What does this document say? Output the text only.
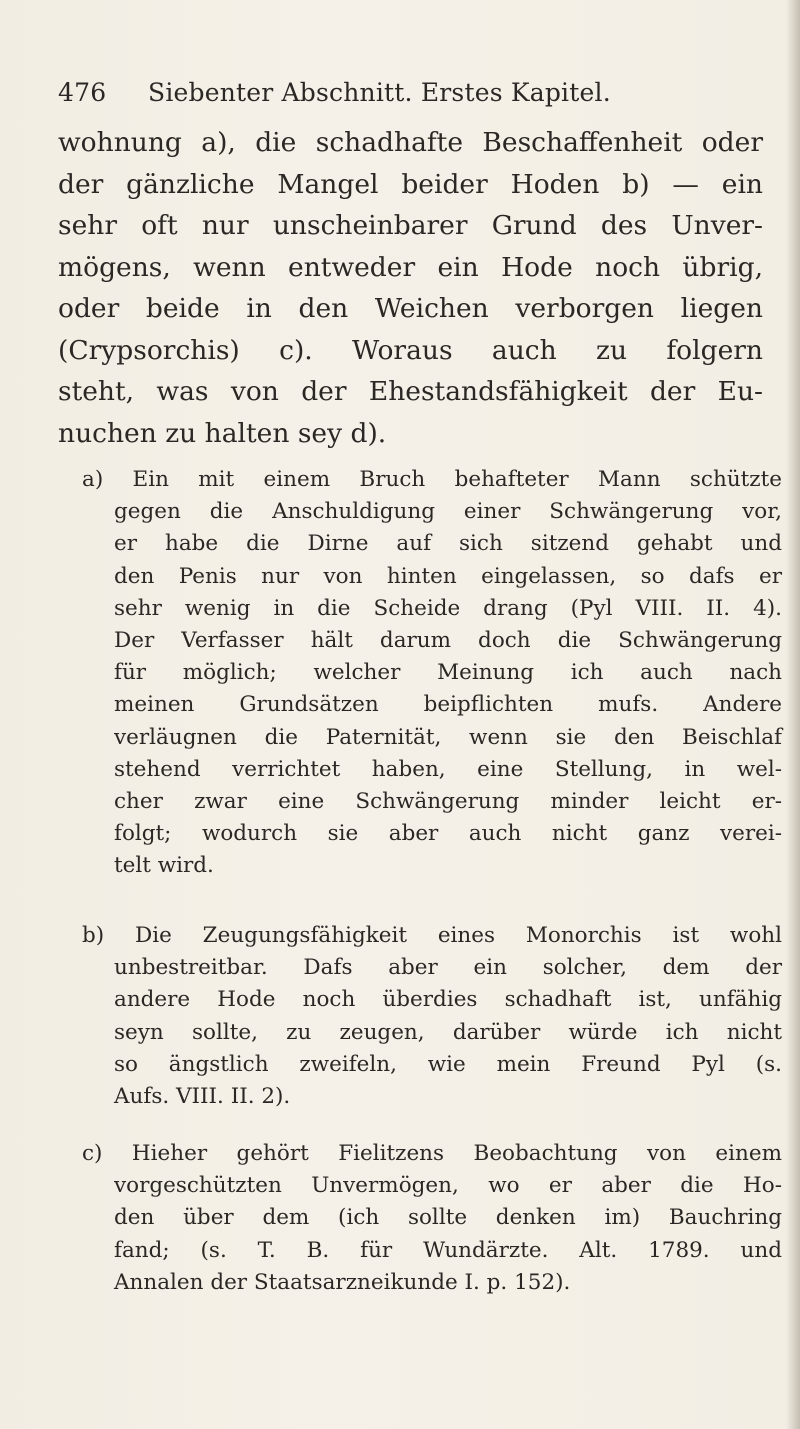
476 Siebenter Abschnitt. Erstes Kapitel.
wohnung a), die schadhafte Beschaffenheit oder
der gänzliche Mangel beider Hoden b) — ein
sehr oft nur unscheinbarer Grund des Unver-
mögens, wenn entweder ein Hode noch übrig,
oder beide in den Weichen verborgen liegen
(Crypsorchis) c). Woraus auch zu folgern
steht, was von der Ehestandsfähigkeit der Eu-
nuchen zu halten sey d).
a) Ein mit einem Bruch behafteter Mann schützte
gegen die Anschuldigung einer Schwängerung vor,
er habe die Dirne auf sich sitzend gehabt und
den Penis nur von hinten eingelassen, so dafs er
sehr wenig in die Scheide drang (Pyl VIII. II. 4).
Der Verfasser hält darum doch die Schwängerung
für möglich; welcher Meinung ich auch nach
meinen Grundsätzen beipflichten mufs. Andere
verläugnen die Paternität, wenn sie den Beischlaf
stehend verrichtet haben, eine Stellung, in wel-
cher zwar eine Schwängerung minder leicht er-
folgt; wodurch sie aber auch nicht ganz verei-
telt wird.
b) Die Zeugungsfähigkeit eines Monorchis ist wohl
unbestreitbar. Dafs aber ein solcher, dem der
andere Hode noch überdies schadhaft ist, unfähig
seyn sollte, zu zeugen, darüber würde ich nicht
so ängstlich zweifeln, wie mein Freund Pyl (s.
Aufs. VIII. II. 2).
c) Hieher gehört Fielitzens Beobachtung von einem
vorgeschützten Unvermögen, wo er aber die Ho-
den über dem (ich sollte denken im) Bauchring
fand; (s. T. B. für Wundärzte. Alt. 1789. und
Annalen der Staatsarzneikunde I. p. 152).
